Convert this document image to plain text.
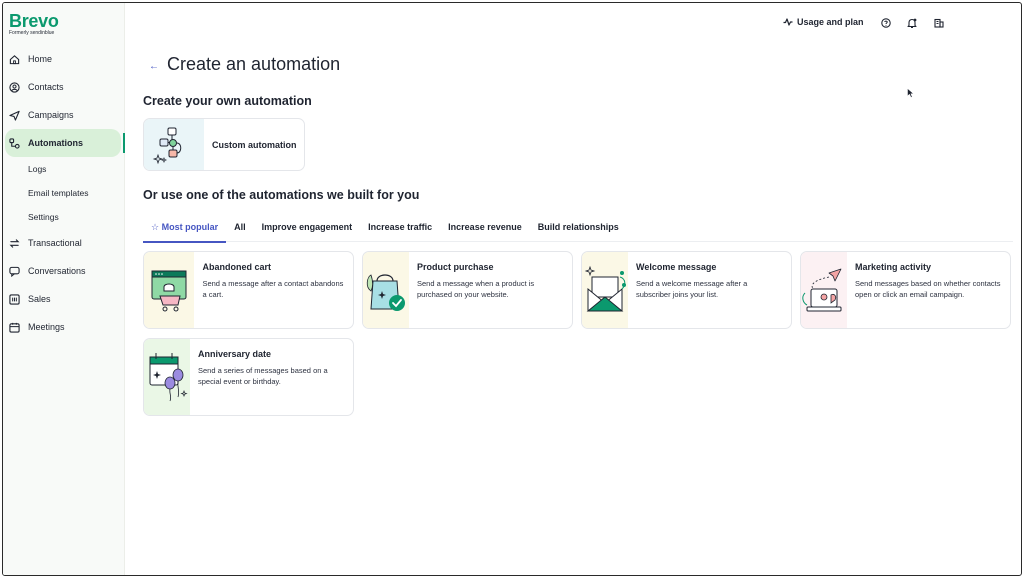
Brevo
Formerly sendinblue
Home
Contacts
Campaigns
Automations
Logs
Email templates
Settings
Transactional
Conversations
Sales
Meetings
Usage and plan
← Create an automation
Create your own automation
Custom automation
Or use one of the automations we built for you
☆ Most popular	All	Improve engagement	Increase traffic	Increase revenue	Build relationships
Abandoned cart
Send a message after a contact abandons a cart.
Product purchase
Send a message when a product is purchased on your website.
Welcome message
Send a welcome message after a subscriber joins your list.
Marketing activity
Send messages based on whether contacts open or click an email campaign.
Anniversary date
Send a series of messages based on a special event or birthday.
